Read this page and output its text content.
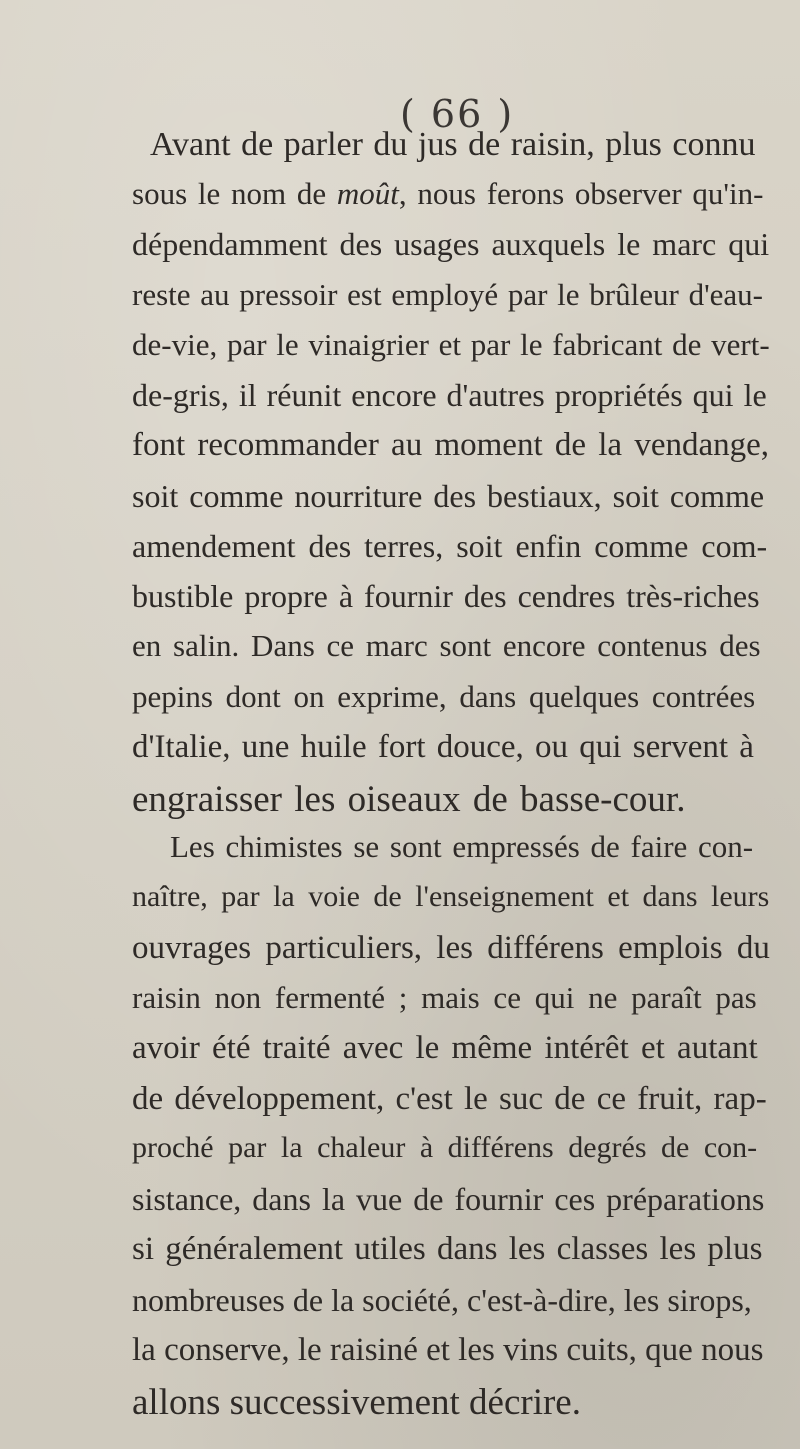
( 66 )
Avant de parler du jus de raisin, plus connu
sous le nom de moût, nous ferons observer qu'in-
dépendamment des usages auxquels le marc qui
reste au pressoir est employé par le brûleur d'eau-
de-vie, par le vinaigrier et par le fabricant de vert-
de-gris, il réunit encore d'autres propriétés qui le
font recommander au moment de la vendange,
soit comme nourriture des bestiaux, soit comme
amendement des terres, soit enfin comme com-
bustible propre à fournir des cendres très-riches
en salin. Dans ce marc sont encore contenus des
pepins dont on exprime, dans quelques contrées
d'Italie, une huile fort douce, ou qui servent à
engraisser les oiseaux de basse-cour.
Les chimistes se sont empressés de faire con-
naître, par la voie de l'enseignement et dans leurs
ouvrages particuliers, les différens emplois du
raisin non fermenté ; mais ce qui ne paraît pas
avoir été traité avec le même intérêt et autant
de développement, c'est le suc de ce fruit, rap-
proché par la chaleur à différens degrés de con-
sistance, dans la vue de fournir ces préparations
si généralement utiles dans les classes les plus
nombreuses de la société, c'est-à-dire, les sirops,
la conserve, le raisiné et les vins cuits, que nous
allons successivement décrire.
